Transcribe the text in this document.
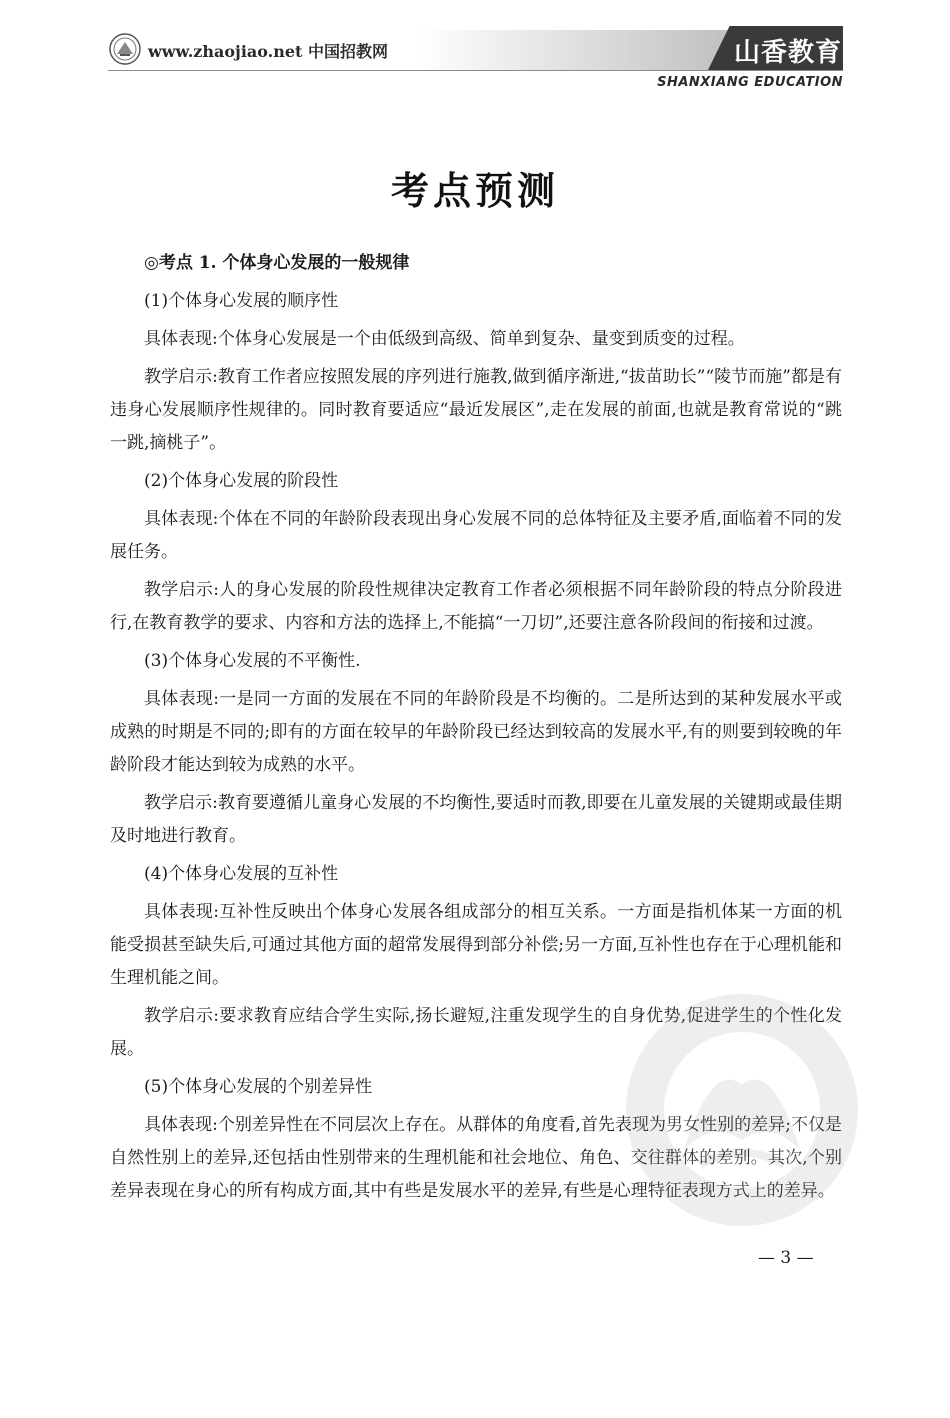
www.zhaojiao.net 中国招教网	山香教育
SHANXIANG EDUCATION
考点预测

◎考点 1. 个体身心发展的一般规律

(1)个体身心发展的顺序性

具体表现:个体身心发展是一个由低级到高级、简单到复杂、量变到质变的过程。

教学启示:教育工作者应按照发展的序列进行施教,做到循序渐进,“拔苗助长”“陵节而施”都是有违身心发展顺序性规律的。同时教育要适应“最近发展区”,走在发展的前面,也就是教育常说的“跳一跳,摘桃子”。

(2)个体身心发展的阶段性

具体表现:个体在不同的年龄阶段表现出身心发展不同的总体特征及主要矛盾,面临着不同的发展任务。

教学启示:人的身心发展的阶段性规律决定教育工作者必须根据不同年龄阶段的特点分阶段进行,在教育教学的要求、内容和方法的选择上,不能搞“一刀切”,还要注意各阶段间的衔接和过渡。

(3)个体身心发展的不平衡性.

具体表现:一是同一方面的发展在不同的年龄阶段是不均衡的。二是所达到的某种发展水平或成熟的时期是不同的;即有的方面在较早的年龄阶段已经达到较高的发展水平,有的则要到较晚的年龄阶段才能达到较为成熟的水平。

教学启示:教育要遵循儿童身心发展的不均衡性,要适时而教,即要在儿童发展的关键期或最佳期及时地进行教育。

(4)个体身心发展的互补性

具体表现:互补性反映出个体身心发展各组成部分的相互关系。一方面是指机体某一方面的机能受损甚至缺失后,可通过其他方面的超常发展得到部分补偿;另一方面,互补性也存在于心理机能和生理机能之间。

教学启示:要求教育应结合学生实际,扬长避短,注重发现学生的自身优势,促进学生的个性化发展。

(5)个体身心发展的个别差异性

具体表现:个别差异性在不同层次上存在。从群体的角度看,首先表现为男女性别的差异;不仅是自然性别上的差异,还包括由性别带来的生理机能和社会地位、角色、交往群体的差别。其次,个别差异表现在身心的所有构成方面,其中有些是发展水平的差异,有些是心理特征表现方式上的差异。

— 3 —
